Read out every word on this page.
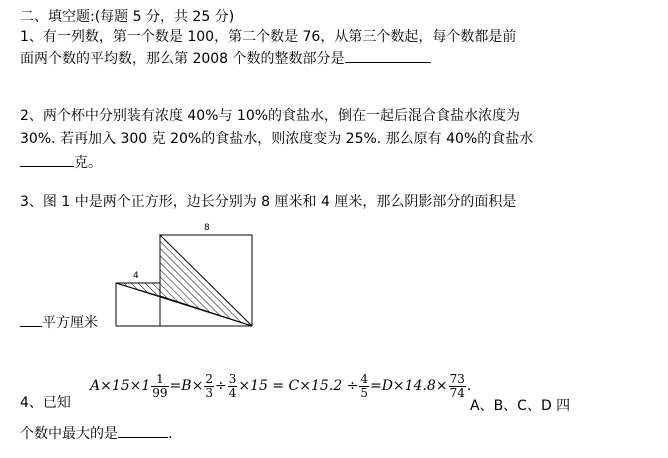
二、填空题:(每题 5 分，共 25 分)
1、有一列数，第一个数是 100，第二个数是 76，从第三个数起，每个数都是前
面两个数的平均数，那么第 2008 个数的整数部分是
2、两个杯中分别装有浓度 40%与 10%的食盐水，倒在一起后混合食盐水浓度为
30%. 若再加入 300 克 20%的食盐水，则浓度变为 25%. 那么原有 40%的食盐水
克。
3、图 1 中是两个正方形，边长分别为 8 厘米和 4 厘米，那么阴影部分的面积是
8
4
平方厘米
4、已知
$A\times 15\times 1 \frac{1}{99} =B\times \frac{2}{3} \div \frac{3}{4} \times 15 = C\times 15.2 \div \frac{4}{5} =D\times 14.8\times \frac{73}{74}$ .
A、B、C、D 四
个数中最大的是	.
